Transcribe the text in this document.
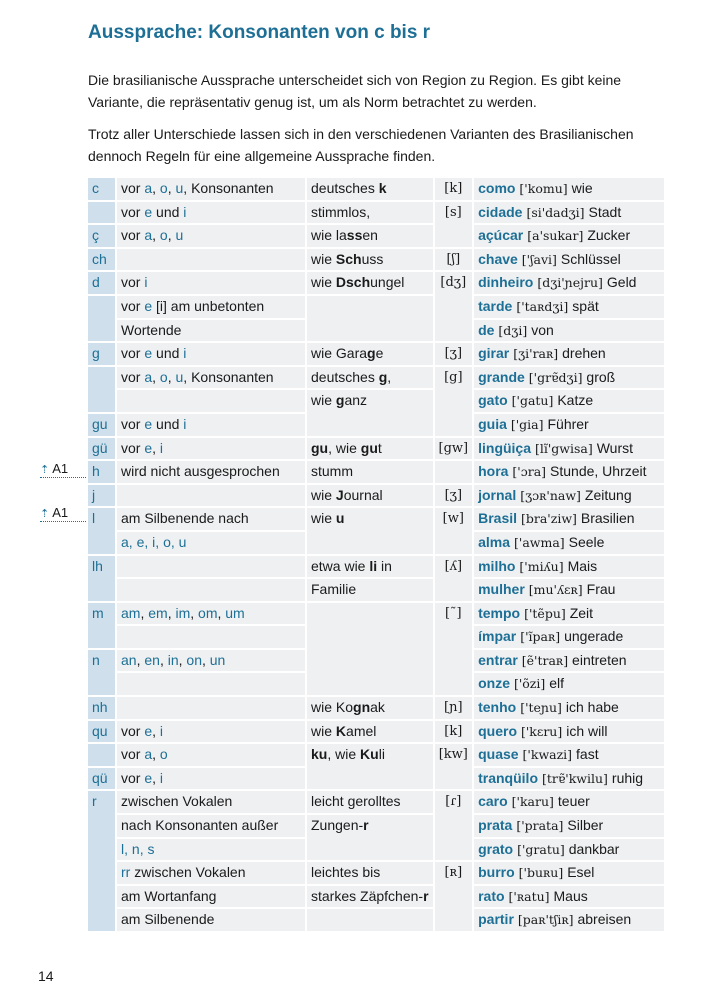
Aussprache: Konsonanten von c bis r
Die brasilianische Aussprache unterscheidet sich von Region zu Region. Es gibt keine Variante, die repräsentativ genug ist, um als Norm betrachtet zu werden.
Trotz aller Unterschiede lassen sich in den verschiedenen Varianten des Brasilianischen dennoch Regeln für eine allgemeine Aussprache finden.
c	vor a, o, u, Konsonanten	deutsches k	[k]	como ['komu] wie
	vor e und i	stimmlos,	[s]	cidade [si'dadʒi] Stadt
ç	vor a, o, u	wie lassen		açúcar [a'sukar] Zucker
ch		wie Schuss	[ʃ]	chave ['ʃavi] Schlüssel
d	vor i	wie Dschungel	[dʒ]	dinheiro [dʒi'ɲejru] Geld
	vor e [i] am unbetonten			tarde ['taʀdʒi] spät
	Wortende			de [dʒi] von
g	vor e und i	wie Garage	[ʒ]	girar [ʒi'raʀ] drehen
	vor a, o, u, Konsonanten	deutsches g,	[g]	grande ['grɐ̃dʒi] groß
		wie ganz		gato ['gatu] Katze
gu	vor e und i			guia ['gia] Führer
gü	vor e, i	gu, wie gut	[gw]	lingüiça [lĩ'gwisa] Wurst
h	wird nicht ausgesprochen	stumm		hora ['ɔra] Stunde, Uhrzeit
j		wie Journal	[ʒ]	jornal [ʒɔʀ'naw] Zeitung
l	am Silbenende nach	wie u	[w]	Brasil [bra'ziw] Brasilien
	a, e, i, o, u			alma ['awma] Seele
lh		etwa wie li in	[ʎ]	milho ['miʎu] Mais
		Familie		mulher [mu'ʎɛʀ] Frau
m	am, em, im, om, um		[˜]	tempo ['tẽpu] Zeit
				ímpar ['ĩpaʀ] ungerade
n	an, en, in, on, un			entrar [ẽ'traʀ] eintreten
				onze ['õzi] elf
nh		wie Kognak	[ɲ]	tenho ['teɲu] ich habe
qu	vor e, i	wie Kamel	[k]	quero ['kɛru] ich will
	vor a, o	ku, wie Kuli	[kw]	quase ['kwazi] fast
qü	vor e, i			tranqüilo [trɐ̃'kwilu] ruhig
r	zwischen Vokalen	leicht gerolltes	[ɾ]	caro ['karu] teuer
	nach Konsonanten außer	Zungen-r		prata ['prata] Silber
	l, n, s			grato ['gratu] dankbar
	rr zwischen Vokalen	leichtes bis	[ʀ]	burro ['buʀu] Esel
	am Wortanfang	starkes Zäpfchen-r		rato ['ʀatu] Maus
	am Silbenende			partir [paʀ'tʃiʀ] abreisen
⇡ A1
⇡ A1
14
